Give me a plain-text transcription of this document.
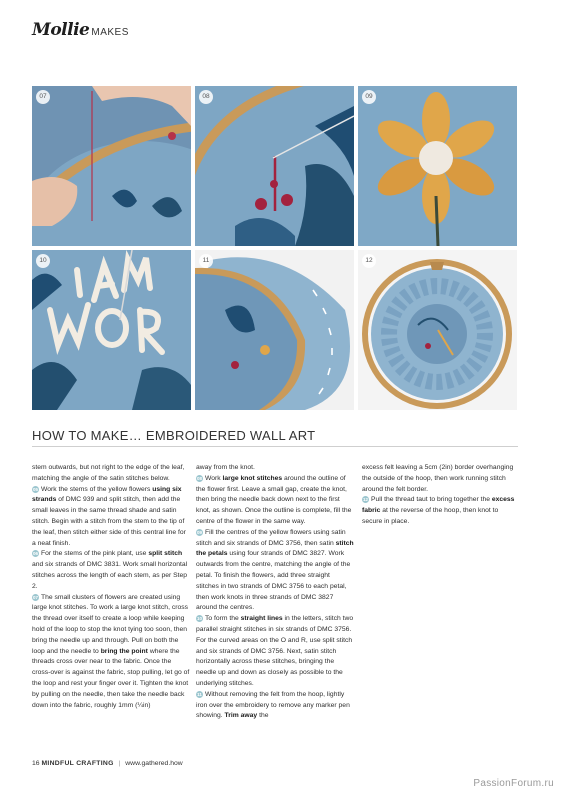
Mollie MAKES
07	08	09
10	11	12
HOW TO MAKE… EMBROIDERED WALL ART

stem outwards, but not right to the edge of the leaf, matching the angle of the satin stitches below.

05 Work the stems of the yellow flowers using six strands of DMC 939 and split stitch, then add the small leaves in the same thread shade and satin stitch. Begin with a stitch from the stem to the tip of the leaf, then stitch either side of this central line for a neat finish.

06 For the stems of the pink plant, use split stitch and six strands of DMC 3831. Work small horizontal stitches across the length of each stem, as per Step 2.

07 The small clusters of flowers are created using large knot stitches. To work a large knot stitch, cross the thread over itself to create a loop while keeping hold of the loop to stop the knot tying too soon, then bring the needle up and through. Pull on both the loop and the needle to bring the point where the threads cross over near to the fabric. Once the cross-over is against the fabric, stop pulling, let go of the loop and rest your finger over it. Tighten the knot by pulling on the needle, then take the needle back down into the fabric, roughly 1mm (¼in)

away from the knot.

08 Work large knot stitches around the outline of the flower first. Leave a small gap, create the knot, then bring the needle back down next to the first knot, as shown. Once the outline is complete, fill the centre of the flower in the same way.

09 Fill the centres of the yellow flowers using satin stitch and six strands of DMC 3756, then satin stitch the petals using four strands of DMC 3827. Work outwards from the centre, matching the angle of the petal. To finish the flowers, add three straight stitches in two strands of DMC 3756 to each petal, then work knots in three strands of DMC 3827 around the centres.

10 To form the straight lines in the letters, stitch two parallel straight stitches in six strands of DMC 3756. For the curved areas on the O and R, use split stitch and six strands of DMC 3756. Next, satin stitch horizontally across these stitches, bringing the needle up and down as closely as possible to the underlying stitches.

11 Without removing the felt from the hoop, lightly iron over the embroidery to remove any marker pen showing. Trim away the

excess felt leaving a 5cm (2in) border overhanging the outside of the hoop, then work running stitch around the felt border.

12 Pull the thread taut to bring together the excess fabric at the reverse of the hoop, then knot to secure in place.

16 MINDFUL CRAFTING | www.gathered.how
PassionForum.ru
